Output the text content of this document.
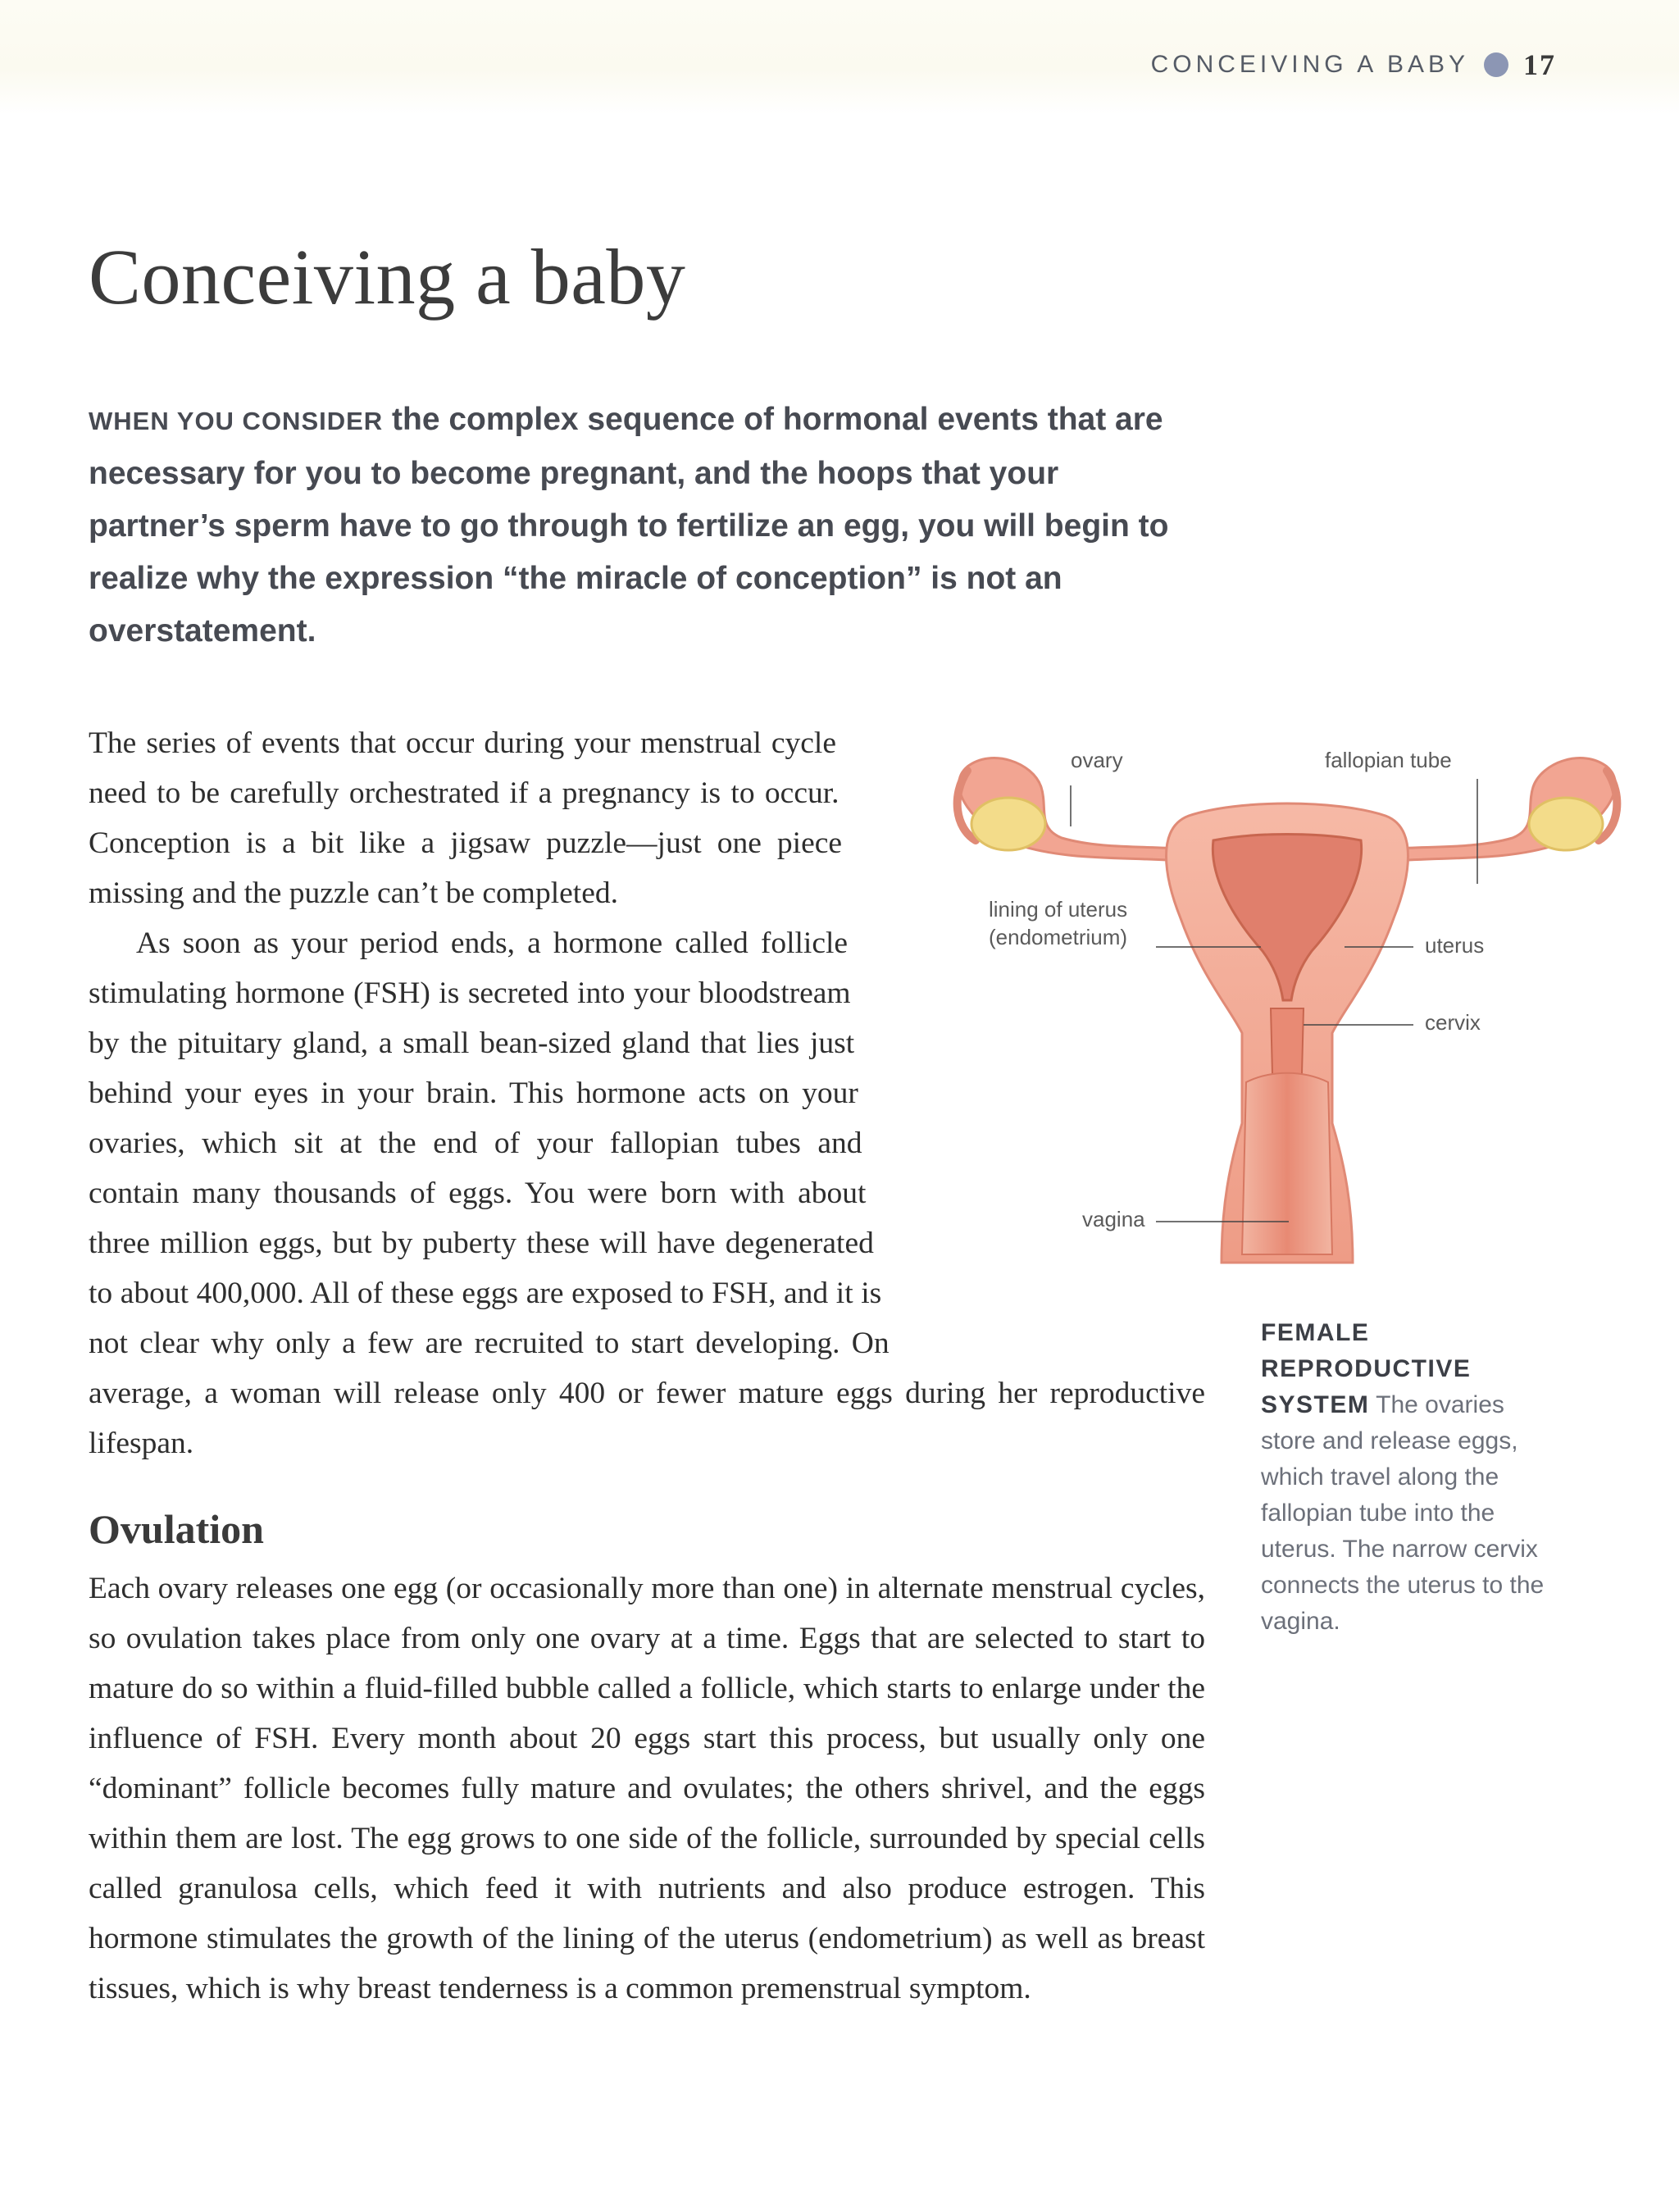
CONCEIVING A BABY 17
Conceiving a baby

WHEN YOU CONSIDER the complex sequence of hormonal events that are necessary for you to become pregnant, and the hoops that your partner’s sperm have to go through to fertilize an egg, you will begin to realize why the expression “the miracle of conception” is not an overstatement.

The series of events that occur during your menstrual cycle need to be carefully orchestrated if a pregnancy is to occur. Conception is a bit like a jigsaw puzzle—just one piece missing and the puzzle can’t be completed.

As soon as your period ends, a hormone called follicle stimulating hormone (FSH) is secreted into your bloodstream by the pituitary gland, a small bean-sized gland that lies just behind your eyes in your brain. This hormone acts on your ovaries, which sit at the end of your fallopian tubes and contain many thousands of eggs. You were born with about three million eggs, but by puberty these will have degenerated to about 400,000. All of these eggs are exposed to FSH, and it is not clear why only a few are recruited to start developing. On average, a woman will release only 400 or fewer mature eggs during her reproductive lifespan.

Ovulation

Each ovary releases one egg (or occasionally more than one) in alternate menstrual cycles, so ovulation takes place from only one ovary at a time. Eggs that are selected to start to mature do so within a fluid-filled bubble called a follicle, which starts to enlarge under the influence of FSH. Every month about 20 eggs start this process, but usually only one “dominant” follicle becomes fully mature and ovulates; the others shrivel, and the eggs within them are lost. The egg grows to one side of the follicle, surrounded by special cells called granulosa cells, which feed it with nutrients and also produce estrogen. This hormone stimulates the growth of the lining of the uterus (endometrium) as well as breast tissues, which is why breast tenderness is a common premenstrual symptom.

ovary	fallopian tube
lining of uterus
(endometrium)	uterus
cervix
vagina

FEMALE REPRODUCTIVE SYSTEM The ovaries store and release eggs, which travel along the fallopian tube into the uterus. The narrow cervix connects the uterus to the vagina.
